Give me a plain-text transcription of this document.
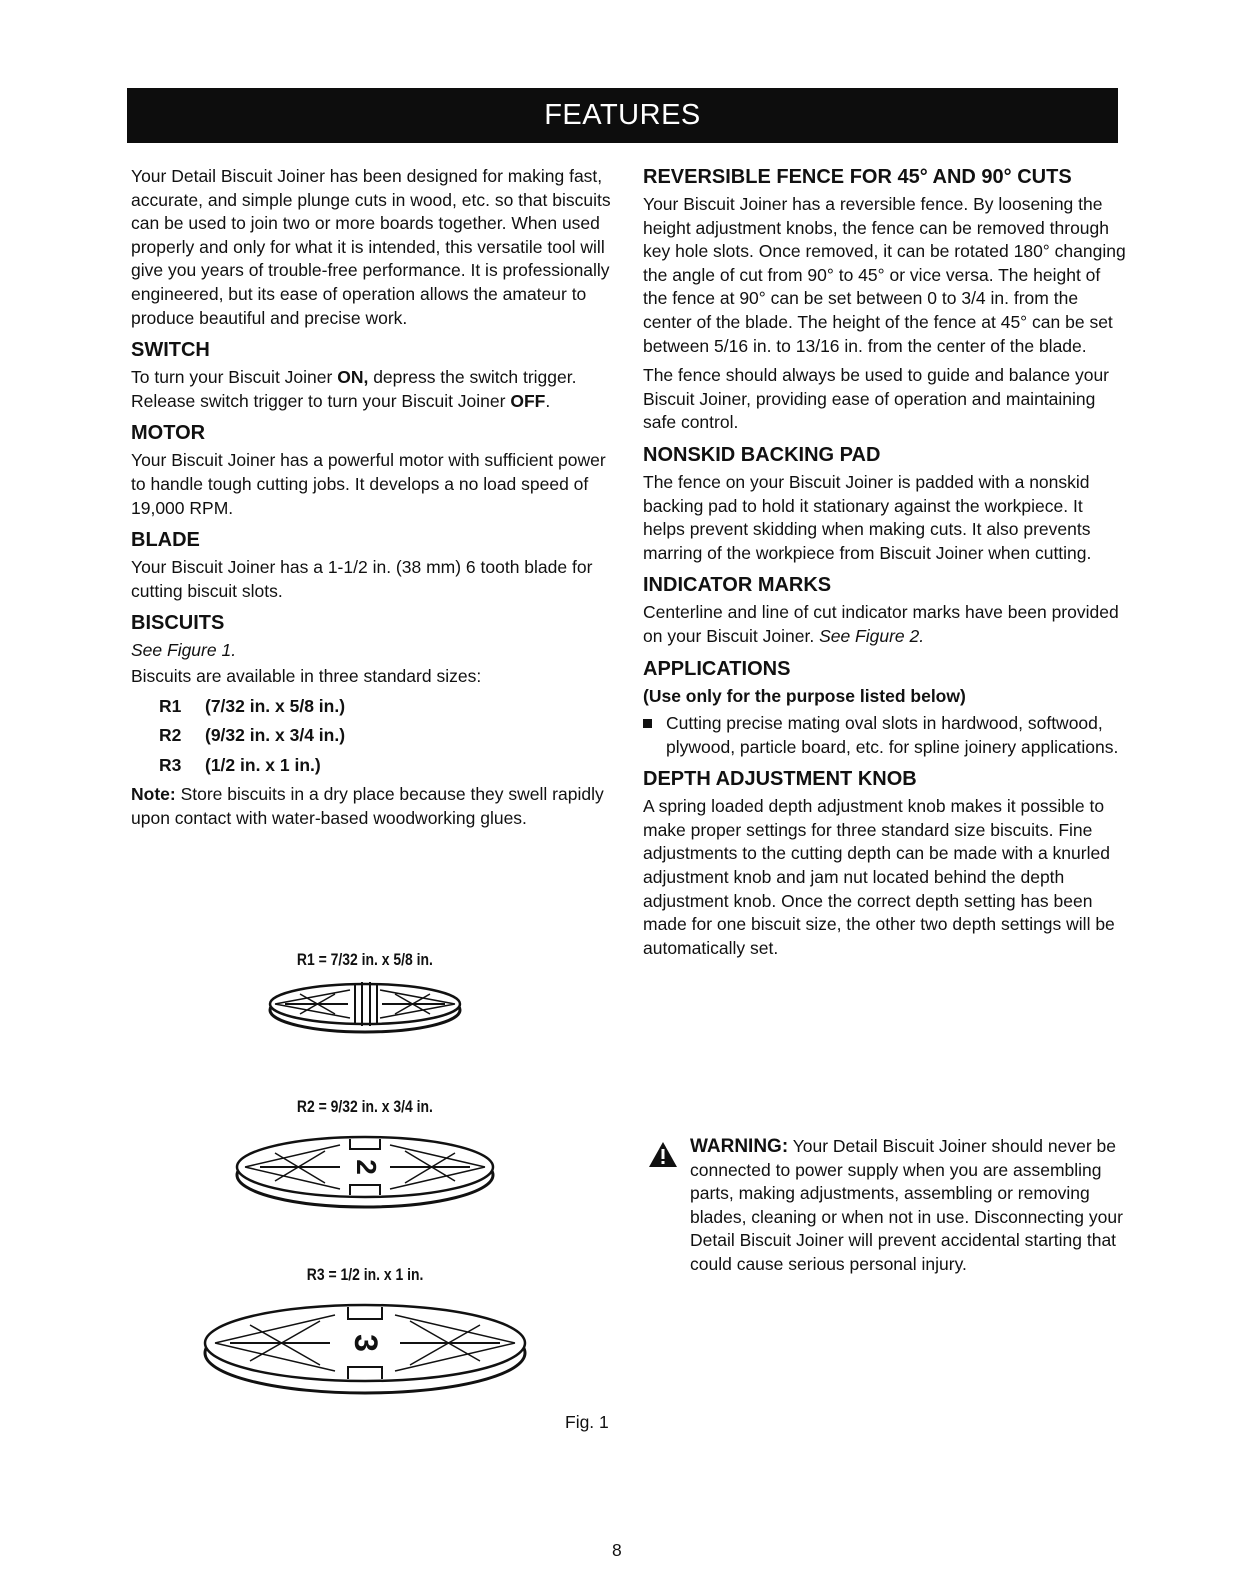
FEATURES

Your Detail Biscuit Joiner has been designed for making fast, accurate, and simple plunge cuts in wood, etc. so that biscuits can be used to join two or more boards together. When used properly and only for what it is intended, this versatile tool will give you years of trouble-free performance. It is professionally engineered, but its ease of operation allows the amateur to produce beautiful and precise work.

SWITCH

To turn your Biscuit Joiner ON, depress the switch trigger. Release switch trigger to turn your Biscuit Joiner OFF.

MOTOR

Your Biscuit Joiner has a powerful motor with sufficient power to handle tough cutting jobs. It develops a no load speed of 19,000 RPM.

BLADE

Your Biscuit Joiner has a 1-1/2 in. (38 mm) 6 tooth blade for cutting biscuit slots.

BISCUITS

See Figure 1.

Biscuits are available in three standard sizes:

R1 (7/32 in. x 5/8 in.)
R2 (9/32 in. x 3/4 in.)
R3 (1/2 in. x 1 in.)

Note: Store biscuits in a dry place because they swell rapidly upon contact with water-based woodworking glues.

R1 = 7/32 in. x 5/8 in.
R2 = 9/32 in. x 3/4 in.
2
R3 = 1/2 in. x 1 in.
3
Fig. 1
REVERSIBLE FENCE FOR 45° AND 90° CUTS

Your Biscuit Joiner has a reversible fence. By loosening the height adjustment knobs, the fence can be removed through key hole slots. Once removed, it can be rotated 180° changing the angle of cut from 90° to 45° or vice versa. The height of the fence at 90° can be set between 0 to 3/4 in. from the center of the blade. The height of the fence at 45° can be set between 5/16 in. to 13/16 in. from the center of the blade.

The fence should always be used to guide and balance your Biscuit Joiner, providing ease of operation and maintaining safe control.

NONSKID BACKING PAD

The fence on your Biscuit Joiner is padded with a nonskid backing pad to hold it stationary against the workpiece. It helps prevent skidding when making cuts. It also prevents marring of the workpiece from Biscuit Joiner when cutting.

INDICATOR MARKS

Centerline and line of cut indicator marks have been provided on your Biscuit Joiner. See Figure 2.

APPLICATIONS
(Use only for the purpose listed below)
Cutting precise mating oval slots in hardwood, softwood, plywood, particle board, etc. for spline joinery applications.
DEPTH ADJUSTMENT KNOB

A spring loaded depth adjustment knob makes it possible to make proper settings for three standard size biscuits. Fine adjustments to the cutting depth can be made with a knurled adjustment knob and jam nut located behind the depth adjustment knob. Once the correct depth setting has been made for one biscuit size, the other two depth settings will be automatically set.

WARNING: Your Detail Biscuit Joiner should never be connected to power supply when you are assembling parts, making adjustments, assembling or removing blades, cleaning or when not in use. Disconnecting your Detail Biscuit Joiner will prevent accidental starting that could cause serious personal injury.
8
